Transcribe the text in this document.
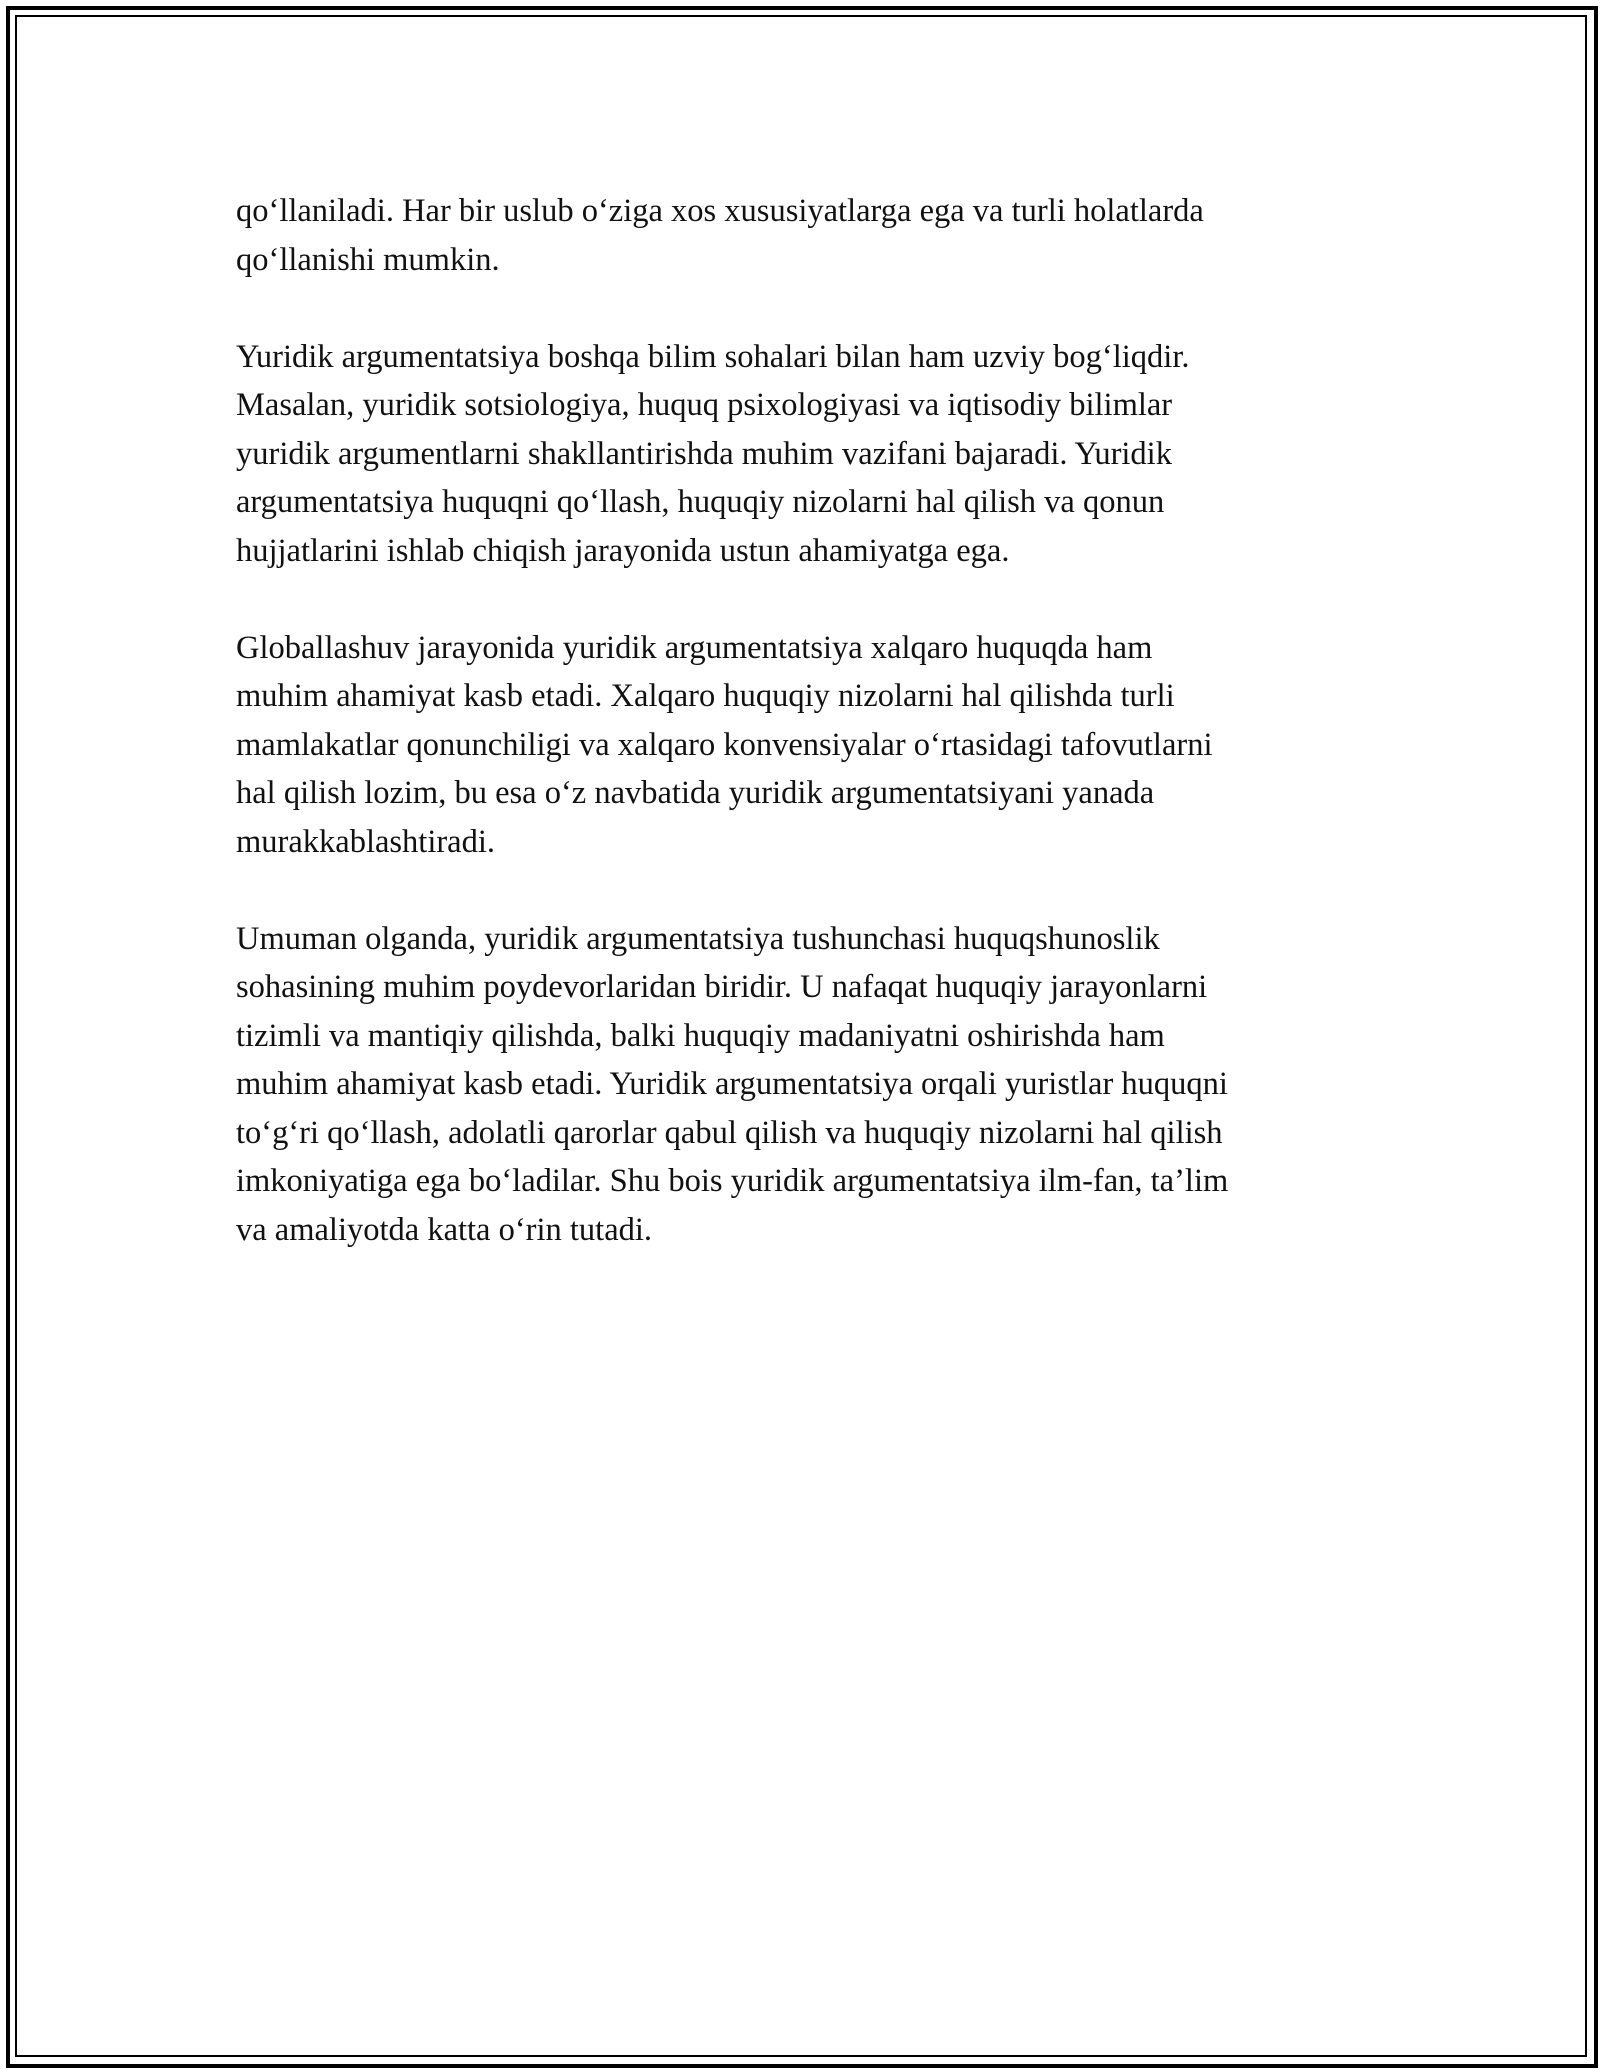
qo‘llaniladi. Har bir uslub o‘ziga xos xususiyatlarga ega va turli holatlarda
qo‘llanishi mumkin.

Yuridik argumentatsiya boshqa bilim sohalari bilan ham uzviy bog‘liqdir.
Masalan, yuridik sotsiologiya, huquq psixologiyasi va iqtisodiy bilimlar
yuridik argumentlarni shakllantirishda muhim vazifani bajaradi. Yuridik
argumentatsiya huquqni qo‘llash, huquqiy nizolarni hal qilish va qonun
hujjatlarini ishlab chiqish jarayonida ustun ahamiyatga ega.

Globallashuv jarayonida yuridik argumentatsiya xalqaro huquqda ham
muhim ahamiyat kasb etadi. Xalqaro huquqiy nizolarni hal qilishda turli
mamlakatlar qonunchiligi va xalqaro konvensiyalar o‘rtasidagi tafovutlarni
hal qilish lozim, bu esa o‘z navbatida yuridik argumentatsiyani yanada
murakkablashtiradi.

Umuman olganda, yuridik argumentatsiya tushunchasi huquqshunoslik
sohasining muhim poydevorlaridan biridir. U nafaqat huquqiy jarayonlarni
tizimli va mantiqiy qilishda, balki huquqiy madaniyatni oshirishda ham
muhim ahamiyat kasb etadi. Yuridik argumentatsiya orqali yuristlar huquqni
to‘g‘ri qo‘llash, adolatli qarorlar qabul qilish va huquqiy nizolarni hal qilish
imkoniyatiga ega bo‘ladilar. Shu bois yuridik argumentatsiya ilm-fan, ta’lim
va amaliyotda katta o‘rin tutadi.
